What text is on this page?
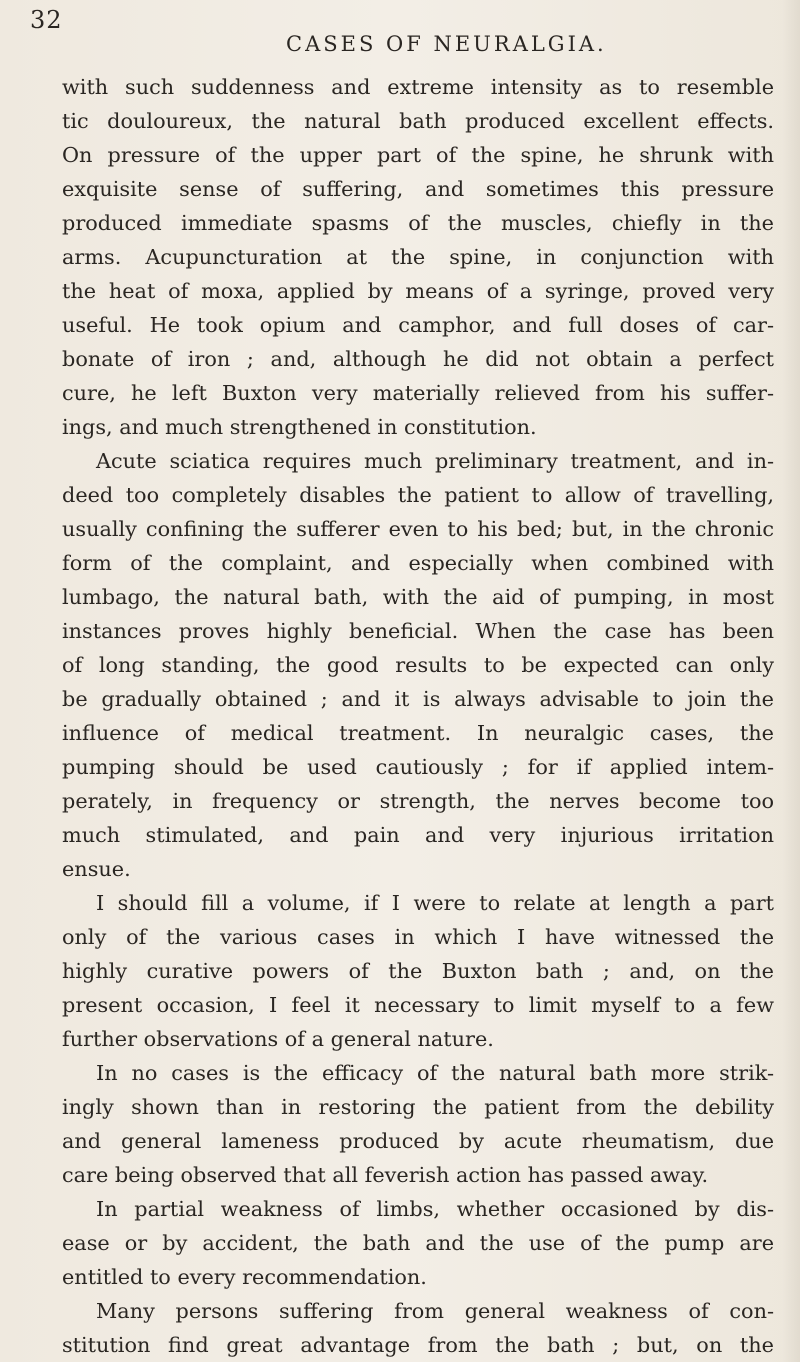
32
CASES OF NEURALGIA.
with such suddenness and extreme intensity as to resemble
tic douloureux, the natural bath produced excellent effects.
On pressure of the upper part of the spine, he shrunk with
exquisite sense of suffering, and sometimes this pressure
produced immediate spasms of the muscles, chiefly in the
arms. Acupuncturation at the spine, in conjunction with
the heat of moxa, applied by means of a syringe, proved very
useful. He took opium and camphor, and full doses of car-
bonate of iron ; and, although he did not obtain a perfect
cure, he left Buxton very materially relieved from his suffer-
ings, and much strengthened in constitution.
Acute sciatica requires much preliminary treatment, and in-
deed too completely disables the patient to allow of travelling,
usually confining the sufferer even to his bed; but, in the chronic
form of the complaint, and especially when combined with
lumbago, the natural bath, with the aid of pumping, in most
instances proves highly beneficial. When the case has been
of long standing, the good results to be expected can only
be gradually obtained ; and it is always advisable to join the
influence of medical treatment. In neuralgic cases, the
pumping should be used cautiously ; for if applied intem-
perately, in frequency or strength, the nerves become too
much stimulated, and pain and very injurious irritation
ensue.
I should fill a volume, if I were to relate at length a part
only of the various cases in which I have witnessed the
highly curative powers of the Buxton bath ; and, on the
present occasion, I feel it necessary to limit myself to a few
further observations of a general nature.
In no cases is the efficacy of the natural bath more strik-
ingly shown than in restoring the patient from the debility
and general lameness produced by acute rheumatism, due
care being observed that all feverish action has passed away.
In partial weakness of limbs, whether occasioned by dis-
ease or by accident, the bath and the use of the pump are
entitled to every recommendation.
Many persons suffering from general weakness of con-
stitution find great advantage from the bath ; but, on the
